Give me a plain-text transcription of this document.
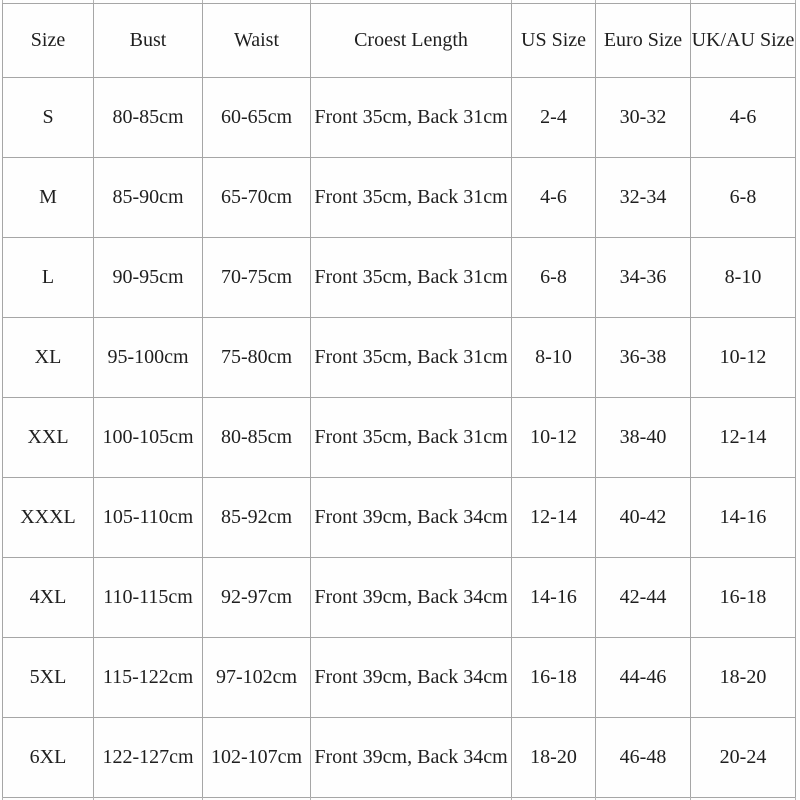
Size	Bust	Waist	Croest Length	US Size	Euro Size	UK/AU Size
S	80-85cm	60-65cm	Front 35cm, Back 31cm	2-4	30-32	4-6
M	85-90cm	65-70cm	Front 35cm, Back 31cm	4-6	32-34	6-8
L	90-95cm	70-75cm	Front 35cm, Back 31cm	6-8	34-36	8-10
XL	95-100cm	75-80cm	Front 35cm, Back 31cm	8-10	36-38	10-12
XXL	100-105cm	80-85cm	Front 35cm, Back 31cm	10-12	38-40	12-14
XXXL	105-110cm	85-92cm	Front 39cm, Back 34cm	12-14	40-42	14-16
4XL	110-115cm	92-97cm	Front 39cm, Back 34cm	14-16	42-44	16-18
5XL	115-122cm	97-102cm	Front 39cm, Back 34cm	16-18	44-46	18-20
6XL	122-127cm	102-107cm	Front 39cm, Back 34cm	18-20	46-48	20-24
